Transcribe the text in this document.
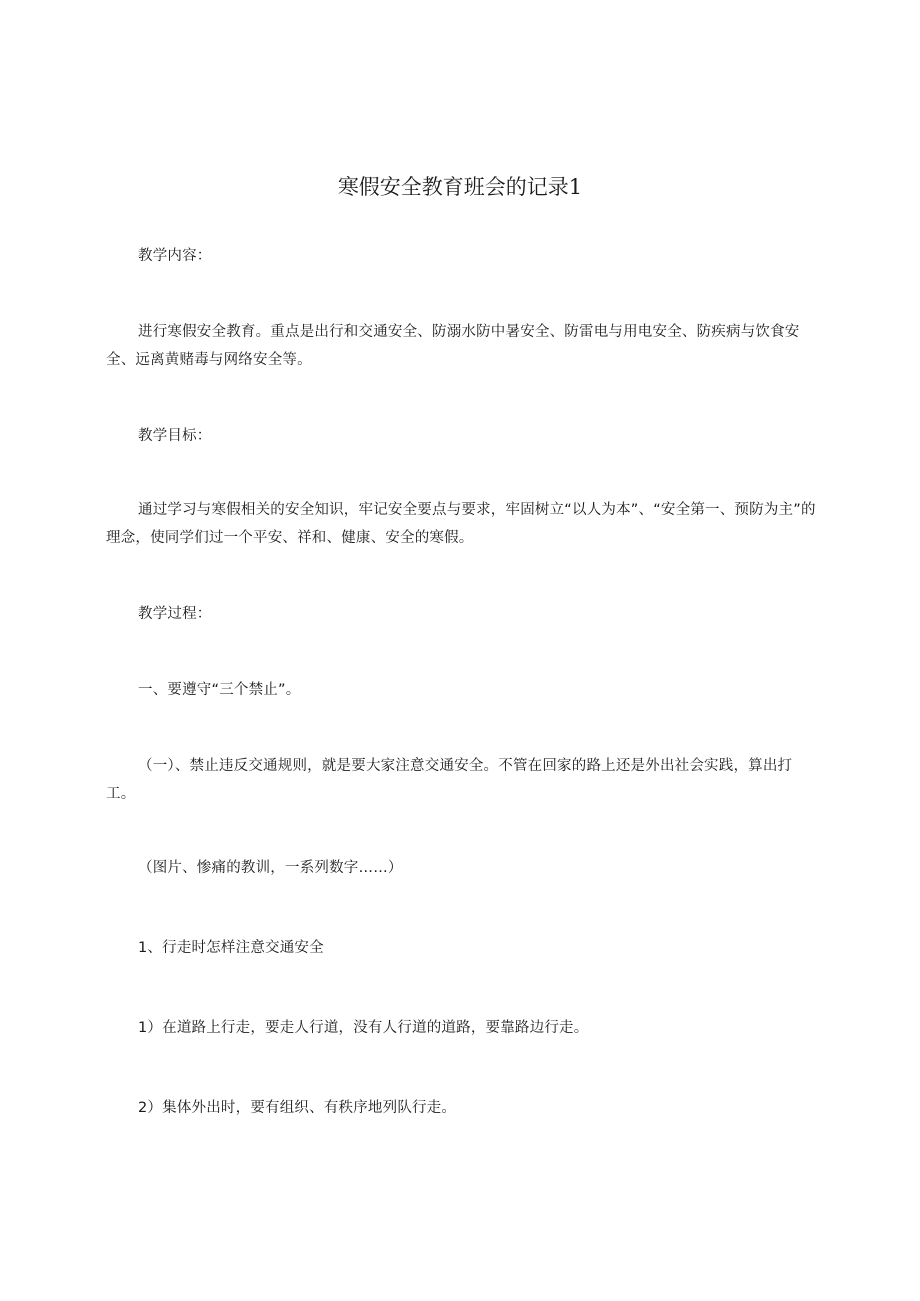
寒假安全教育班会的记录1
教学内容：
进行寒假安全教育。重点是出行和交通安全、防溺水防中暑安全、防雷电与用电安全、防疾病与饮食安全、远离黄赌毒与网络安全等。
教学目标：
通过学习与寒假相关的安全知识，牢记安全要点与要求，牢固树立“以人为本”、“安全第一、预防为主”的理念，使同学们过一个平安、祥和、健康、安全的寒假。
教学过程：
一、要遵守“三个禁止”。
（一）、禁止违反交通规则，就是要大家注意交通安全。不管在回家的路上还是外出社会实践，算出打工。
（图片、惨痛的教训，一系列数字……）
1、行走时怎样注意交通安全
1）在道路上行走，要走人行道，没有人行道的道路，要靠路边行走。
2）集体外出时，要有组织、有秩序地列队行走。
